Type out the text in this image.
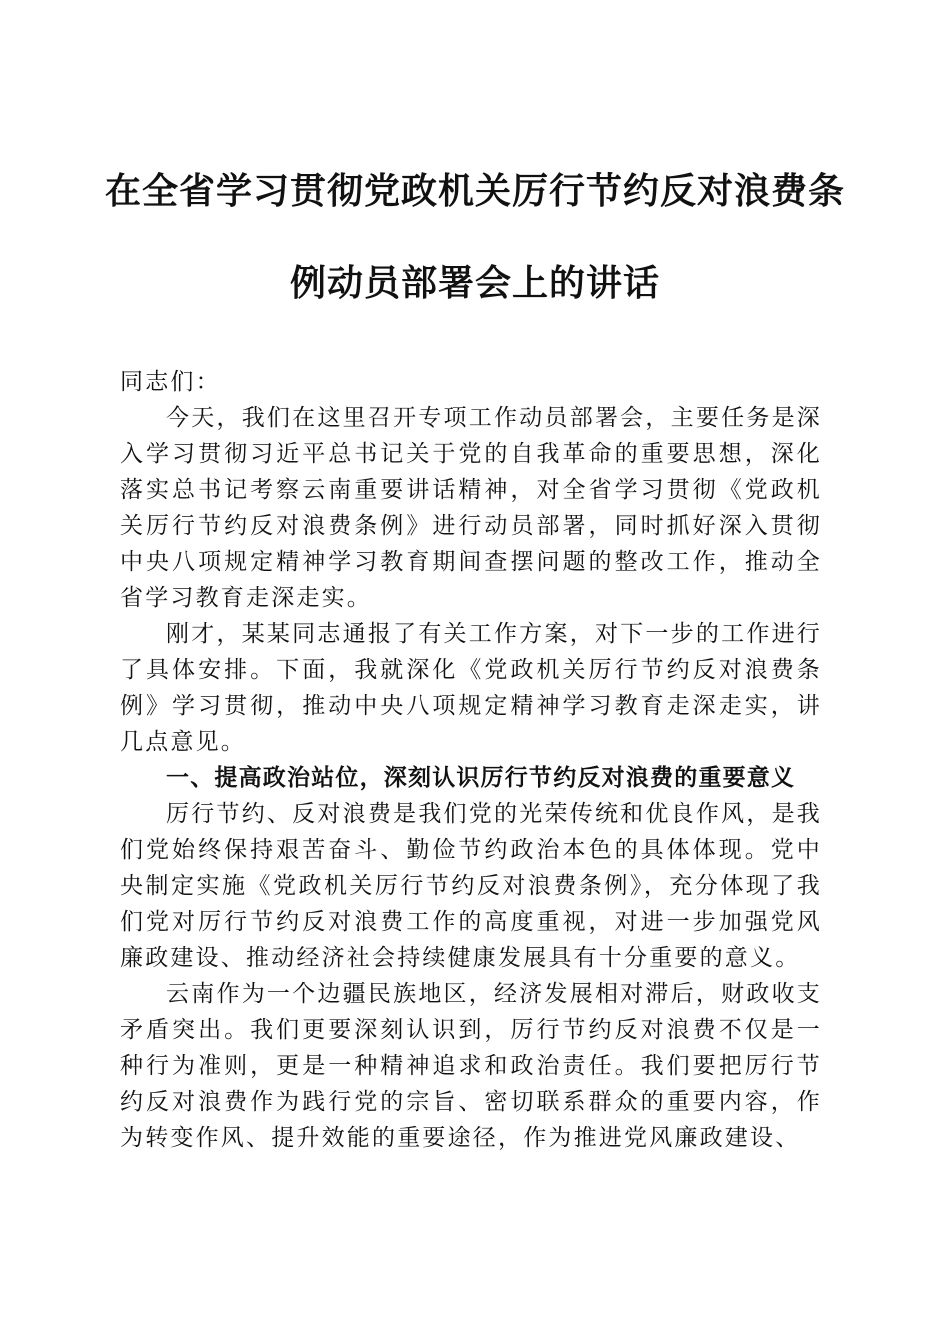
在全省学习贯彻党政机关厉行节约反对浪费条
例动员部署会上的讲话

同志们：

今天，我们在这里召开专项工作动员部署会，主要任务是深入学习贯彻习近平总书记关于党的自我革命的重要思想，深化落实总书记考察云南重要讲话精神，对全省学习贯彻《党政机关厉行节约反对浪费条例》进行动员部署，同时抓好深入贯彻中央八项规定精神学习教育期间查摆问题的整改工作，推动全省学习教育走深走实。

刚才，某某同志通报了有关工作方案，对下一步的工作进行了具体安排。下面，我就深化《党政机关厉行节约反对浪费条例》学习贯彻，推动中央八项规定精神学习教育走深走实，讲几点意见。

一、提高政治站位，深刻认识厉行节约反对浪费的重要意义

厉行节约、反对浪费是我们党的光荣传统和优良作风，是我们党始终保持艰苦奋斗、勤俭节约政治本色的具体体现。党中央制定实施《党政机关厉行节约反对浪费条例》，充分体现了我们党对厉行节约反对浪费工作的高度重视，对进一步加强党风廉政建设、推动经济社会持续健康发展具有十分重要的意义。

云南作为一个边疆民族地区，经济发展相对滞后，财政收支矛盾突出。我们更要深刻认识到，厉行节约反对浪费不仅是一种行为准则，更是一种精神追求和政治责任。我们要把厉行节约反对浪费作为践行党的宗旨、密切联系群众的重要内容，作为转变作风、提升效能的重要途径，作为推进党风廉政建设、
